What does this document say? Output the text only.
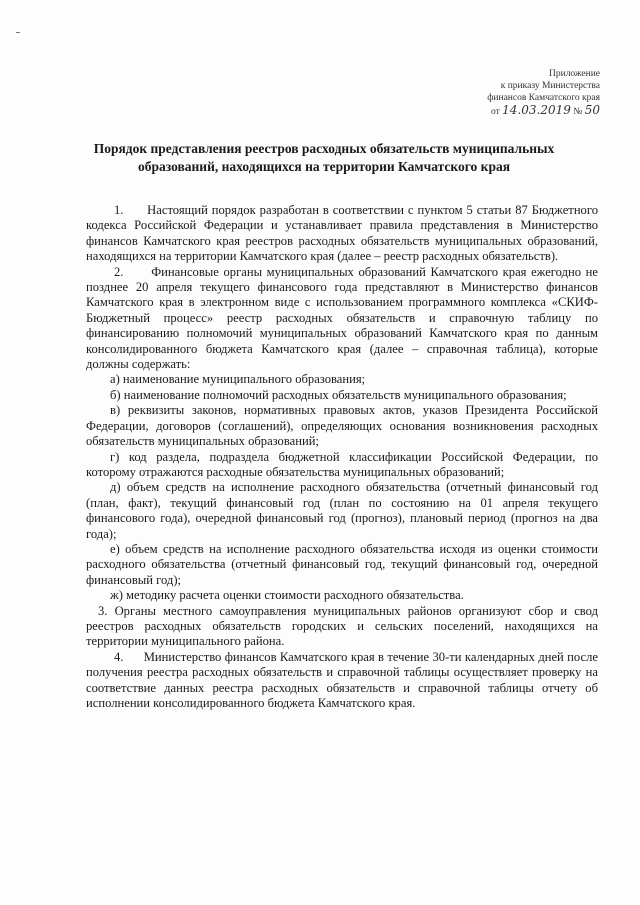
Приложение
к приказу Министерства
финансов Камчатского края
от 14.03.2019 № 50
Порядок представления реестров расходных обязательств муниципальных
образований, находящихся на территории Камчатского края

1.      Настоящий порядок разработан в соответствии с пунктом 5 статьи 87 Бюджетного кодекса Российской Федерации и устанавливает правила представления в Министерство финансов Камчатского края реестров расходных обязательств муниципальных образований, находящихся на территории Камчатского края (далее – реестр расходных обязательств).

2.      Финансовые органы муниципальных образований Камчатского края ежегодно не позднее 20 апреля текущего финансового года представляют в Министерство финансов Камчатского края в электронном виде с использованием программного комплекса «СКИФ-Бюджетный процесс» реестр расходных обязательств и справочную таблицу по финансированию полномочий муниципальных образований Камчатского края по данным консолидированного бюджета Камчатского края (далее – справочная таблица), которые должны содержать:

а) наименование муниципального образования;

б) наименование полномочий расходных обязательств муниципального образования;

в) реквизиты законов, нормативных правовых актов, указов Президента Российской Федерации, договоров (соглашений), определяющих основания возникновения расходных обязательств муниципальных образований;

г) код раздела, подраздела бюджетной классификации Российской Федерации, по которому отражаются расходные обязательства муниципальных образований;

д) объем средств на исполнение расходного обязательства (отчетный финансовый год (план, факт), текущий финансовый год (план по состоянию на 01 апреля текущего финансового года), очередной финансовый год (прогноз), плановый период (прогноз на два года);

е) объем средств на исполнение расходного обязательства исходя из оценки стоимости расходного обязательства (отчетный финансовый год, текущий финансовый год, очередной финансовый год);

ж) методику расчета оценки стоимости расходного обязательства.

3. Органы местного самоуправления муниципальных районов организуют сбор и свод реестров расходных обязательств городских и сельских поселений, находящихся на территории муниципального района.

4.      Министерство финансов Камчатского края в течение 30-ти календарных дней после получения реестра расходных обязательств и справочной таблицы осуществляет проверку на соответствие данных реестра расходных обязательств и справочной таблицы отчету об исполнении консолидированного бюджета Камчатского края.
